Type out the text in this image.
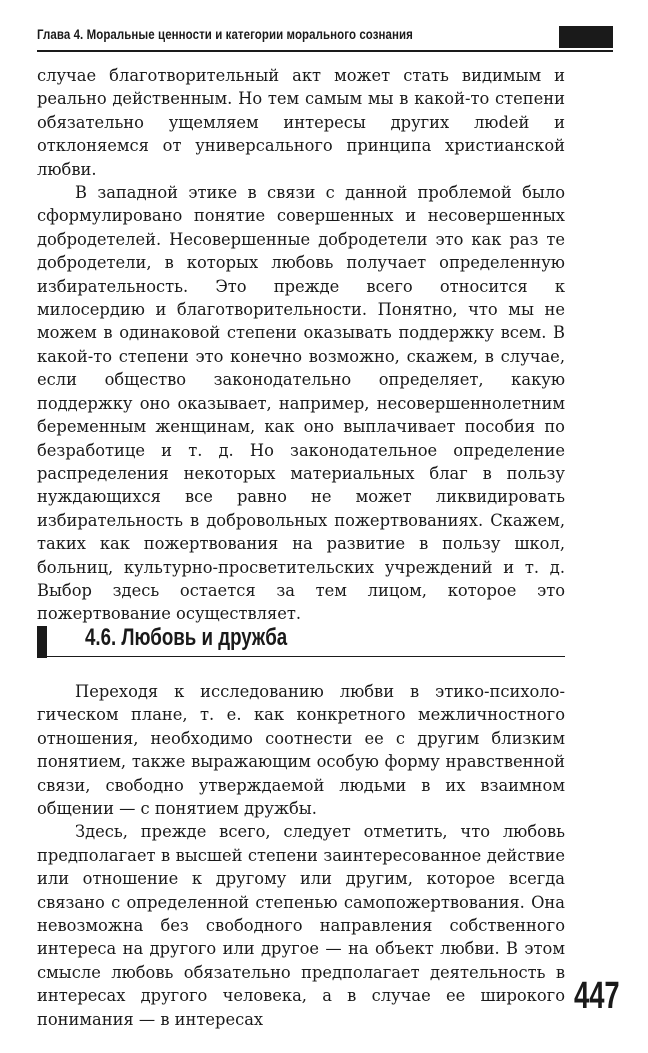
Глава 4. Моральные ценности и категории морального сознания

случае благотворительный акт может стать видимым и реально действенным. Но тем самым мы в какой-то степени обязательно ущемляем интересы других люdей и отклоняемся от универсального принципа христианской любви.

В западной этике в связи с данной проблемой было сформулировано понятие совершенных и несовершенных добродетелей. Несовершенные добродетели это как раз те добродетели, в которых любовь получает определенную избирательность. Это прежде всего относится к милосердию и благотворительности. Понятно, что мы не можем в одинаковой степени оказывать поддержку всем. В какой-то степени это конечно возможно, скажем, в случае, если общество законодательно определяет, какую поддержку оно оказывает, например, несовершеннолетним беременным женщинам, как оно выплачивает пособия по безработице и т. д. Но законодательное определение распределения некоторых материальных благ в пользу нуждающихся все равно не может ликвидировать избирательность в добровольных пожертвованиях. Скажем, таких как пожертвования на развитие в пользу школ, больниц, культурно-просветительских учреждений и т. д. Выбор здесь остается за тем лицом, которое это пожертвование осуществляет.

4.6. Любовь и дружба

Переходя к исследованию любви в этико-психологическом плане, т. е. как конкретного межличностного отношения, необходимо соотнести ее с другим близким понятием, также выражающим особую форму нравственной связи, свободно утверждаемой людьми в их взаимном общении — с понятием дружбы.

Здесь, прежде всего, следует отметить, что любовь предполагает в высшей степени заинтересованное действие или отношение к другому или другим, которое всегда связано с определенной степенью самопожертвования. Она невозможна без свободного направления собственного интереса на другого или другое — на объект любви. В этом смысле любовь обязательно предполагает деятельность в интересах другого человека, а в случае ее широкого понимания — в интересах

447
